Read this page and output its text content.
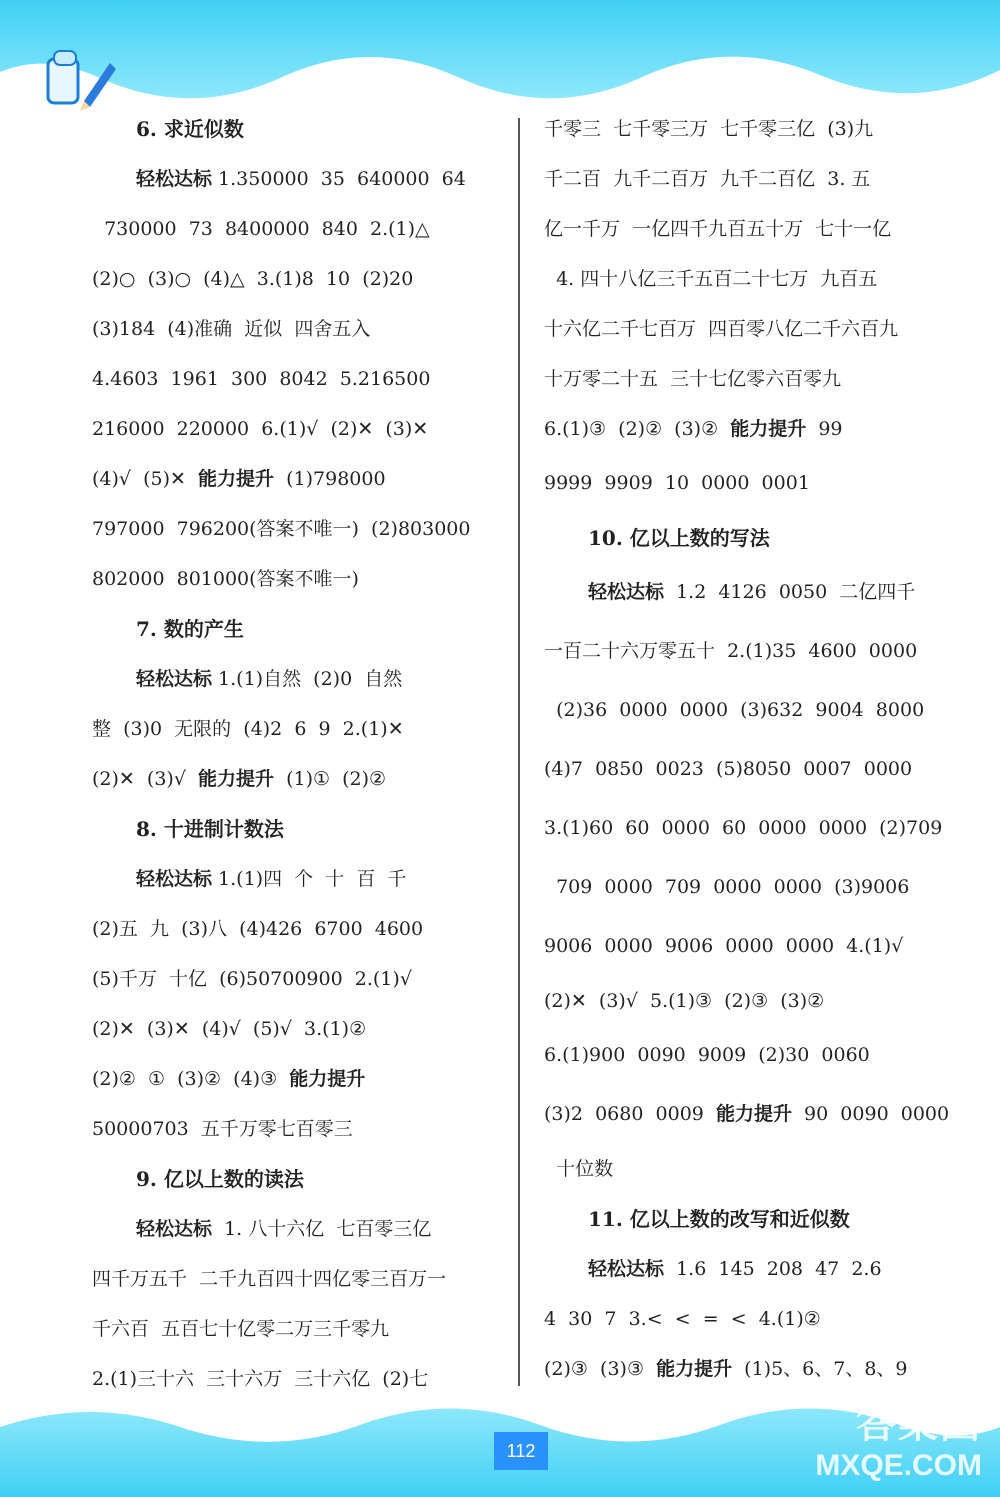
6. 求近似数
轻松达标 1.350000  35  640000  64
730000  73  8400000  840  2.(1)△
(2)○  (3)○  (4)△  3.(1)8  10  (2)20
(3)184  (4)准确  近似  四舍五入
4.4603  1961  300  8042  5.216500
216000  220000  6.(1)√  (2)✕  (3)✕
(4)√  (5)✕  能力提升  (1)798000
797000  796200(答案不唯一)  (2)803000
802000  801000(答案不唯一)
7. 数的产生
轻松达标 1.(1)自然  (2)0  自然
整  (3)0  无限的  (4)2  6  9  2.(1)✕
(2)✕  (3)√  能力提升  (1)①  (2)②
8. 十进制计数法
轻松达标 1.(1)四  个  十  百  千
(2)五  九  (3)八  (4)426  6700  4600
(5)千万  十亿  (6)50700900  2.(1)√
(2)✕  (3)✕  (4)√  (5)√  3.(1)②
(2)②  ①  (3)②  (4)③  能力提升
50000703  五千万零七百零三
9. 亿以上数的读法
轻松达标  1. 八十六亿  七百零三亿
四千万五千  二千九百四十四亿零三百万一
千六百  五百七十亿零二万三千零九
2.(1)三十六  三十六万  三十六亿  (2)七
千零三  七千零三万  七千零三亿  (3)九
千二百  九千二百万  九千二百亿  3. 五
亿一千万  一亿四千九百五十万  七十一亿
4. 四十八亿三千五百二十七万  九百五
十六亿二千七百万  四百零八亿二千六百九
十万零二十五  三十七亿零六百零九
6.(1)③  (2)②  (3)②  能力提升  99
9999  9909  10  0000  0001
10. 亿以上数的写法
轻松达标  1.2  4126  0050  二亿四千
一百二十六万零五十  2.(1)35  4600  0000
(2)36  0000  0000  (3)632  9004  8000
(4)7  0850  0023  (5)8050  0007  0000
3.(1)60  60  0000  60  0000  0000  (2)709
709  0000  709  0000  0000  (3)9006
9006  0000  9006  0000  0000  4.(1)√
(2)✕  (3)√  5.(1)③  (2)③  (3)②
6.(1)900  0090  9009  (2)30  0060
(3)2  0680  0009  能力提升  90  0090  0000
十位数
11. 亿以上数的改写和近似数
轻松达标  1.6  145  208  47  2.6
4  30  7  3.<  <  =  <  4.(1)②
(2)③  (3)③  能力提升  (1)5、6、7、8、9
112
答案圈
MXQE.COM
